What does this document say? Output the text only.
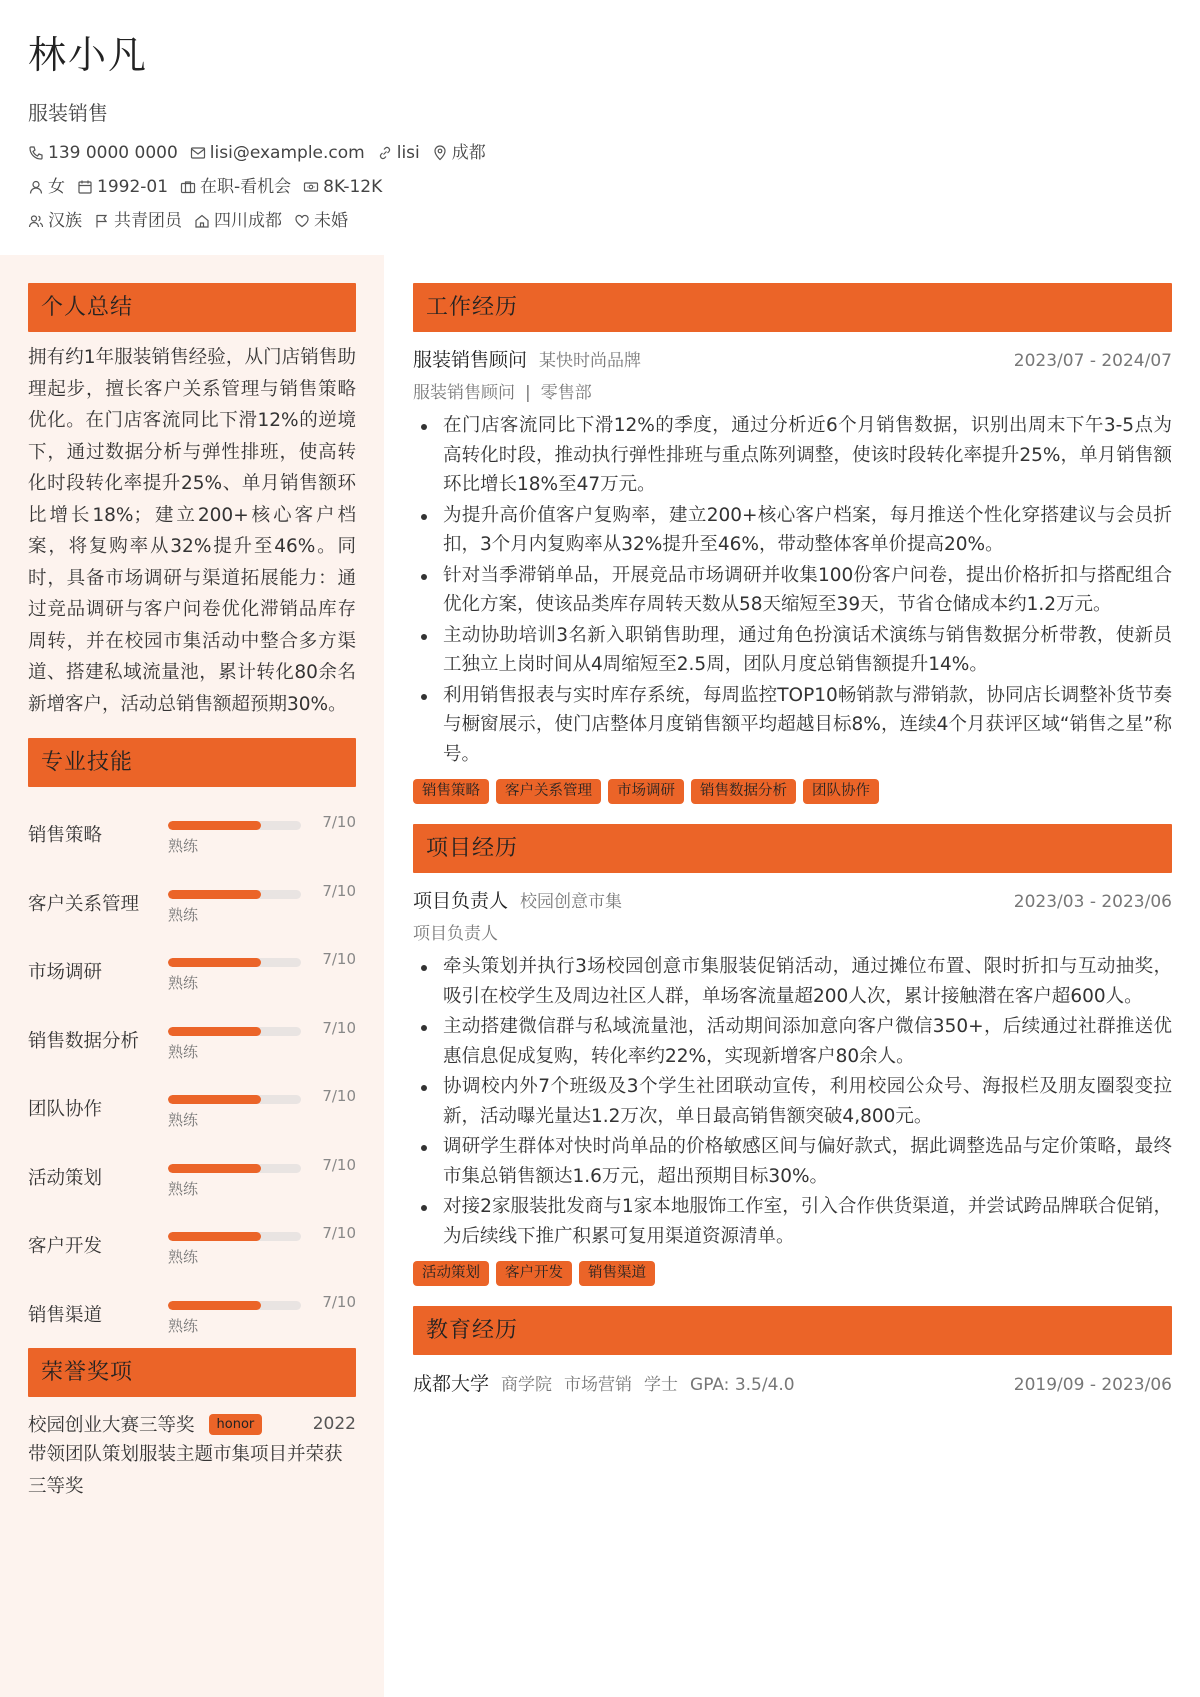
林小凡
服装销售
139 0000 0000 lisi@example.com lisi 成都
女 1992-01 在职-看机会 8K-12K
汉族 共青团员 四川成都 未婚
个人总结
拥有约1年服装销售经验，从门店销售助理起步，擅长客户关系管理与销售策略优化。在门店客流同比下滑12%的逆境下，通过数据分析与弹性排班，使高转化时段转化率提升25%、单月销售额环比增长18%；建立200+核心客户档案，将复购率从32%提升至46%。同时，具备市场调研与渠道拓展能力：通过竞品调研与客户问卷优化滞销品库存周转，并在校园市集活动中整合多方渠道、搭建私域流量池，累计转化80余名新增客户，活动总销售额超预期30%。
专业技能
销售策略
7/10
熟练
客户关系管理
7/10
熟练
市场调研
7/10
熟练
销售数据分析
7/10
熟练
团队协作
7/10
熟练
活动策划
7/10
熟练
客户开发
7/10
熟练
销售渠道
7/10
熟练
荣誉奖项
校园创业大赛三等奖	honor	2022
带领团队策划服装主题市集项目并荣获三等奖
工作经历
服装销售顾问 某快时尚品牌	2023/07 - 2024/07
服装销售顾问 | 零售部
在门店客流同比下滑12%的季度，通过分析近6个月销售数据，识别出周末下午3-5点为高转化时段，推动执行弹性排班与重点陈列调整，使该时段转化率提升25%，单月销售额环比增长18%至47万元。
为提升高价值客户复购率，建立200+核心客户档案，每月推送个性化穿搭建议与会员折扣，3个月内复购率从32%提升至46%，带动整体客单价提高20%。
针对当季滞销单品，开展竞品市场调研并收集100份客户问卷，提出价格折扣与搭配组合优化方案，使该品类库存周转天数从58天缩短至39天，节省仓储成本约1.2万元。
主动协助培训3名新入职销售助理，通过角色扮演话术演练与销售数据分析带教，使新员工独立上岗时间从4周缩短至2.5周，团队月度总销售额提升14%。
利用销售报表与实时库存系统，每周监控TOP10畅销款与滞销款，协同店长调整补货节奏与橱窗展示，使门店整体月度销售额平均超越目标8%，连续4个月获评区域“销售之星”称号。
销售策略	客户关系管理	市场调研	销售数据分析	团队协作
项目经历
项目负责人 校园创意市集	2023/03 - 2023/06
项目负责人
牵头策划并执行3场校园创意市集服装促销活动，通过摊位布置、限时折扣与互动抽奖，吸引在校学生及周边社区人群，单场客流量超200人次，累计接触潜在客户超600人。
主动搭建微信群与私域流量池，活动期间添加意向客户微信350+，后续通过社群推送优惠信息促成复购，转化率约22%，实现新增客户80余人。
协调校内外7个班级及3个学生社团联动宣传，利用校园公众号、海报栏及朋友圈裂变拉新，活动曝光量达1.2万次，单日最高销售额突破4,800元。
调研学生群体对快时尚单品的价格敏感区间与偏好款式，据此调整选品与定价策略，最终市集总销售额达1.6万元，超出预期目标30%。
对接2家服装批发商与1家本地服饰工作室，引入合作供货渠道，并尝试跨品牌联合促销，为后续线下推广积累可复用渠道资源清单。
活动策划	客户开发	销售渠道
教育经历
成都大学 商学院 市场营销 学士 GPA: 3.5/4.0	2019/09 - 2023/06
